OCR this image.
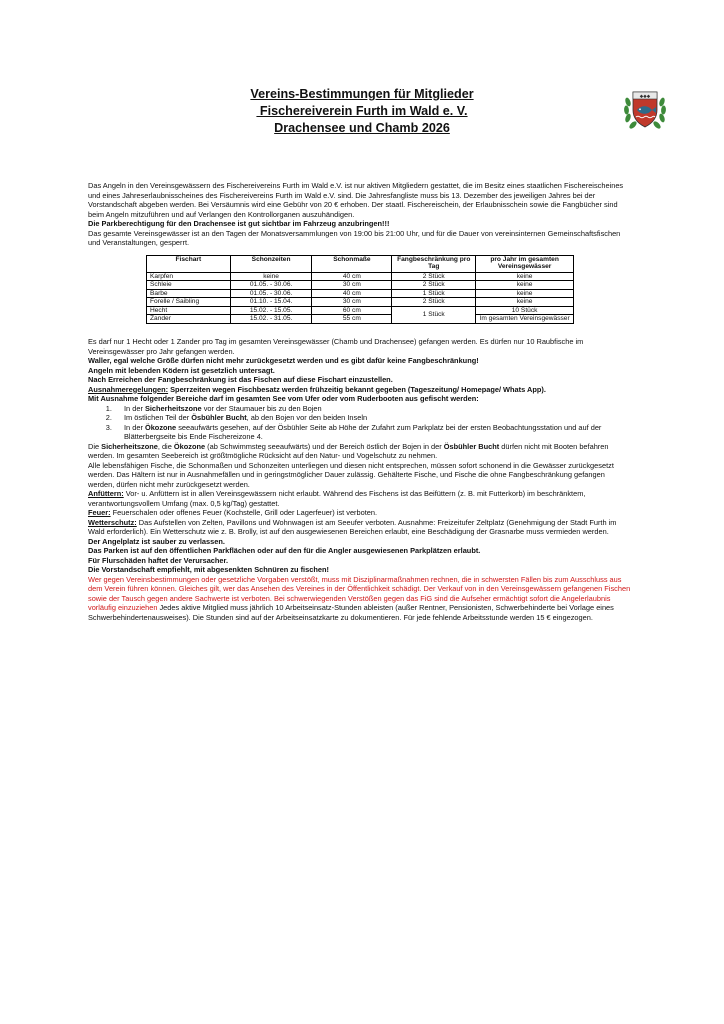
Vereins-Bestimmungen für Mitglieder
Fischereiverein Furth im Wald e. V.
Drachensee und Chamb 2026
◆◆◆

Das Angeln in den Vereinsgewässern des Fischereivereins Furth im Wald e.V. ist nur aktiven Mitgliedern gestattet, die im Besitz eines staatlichen Fischereischeines und eines Jahreserlaubnisscheines des Fischereivereins Furth im Wald e.V. sind. Die Jahresfangliste muss bis 13. Dezember des jeweiligen Jahres bei der Vorstandschaft abgeben werden. Bei Versäumnis wird eine Gebühr von 20 € erhoben. Der staatl. Fischereischein, der Erlaubnisschein sowie die Fangbücher sind beim Angeln mitzuführen und auf Verlangen den Kontrollorganen auszuhändigen.

Die Parkberechtigung für den Drachensee ist gut sichtbar im Fahrzeug anzubringen!!!

Das gesamte Vereinsgewässer ist an den Tagen der Monatsversammlungen von 19:00 bis 21:00 Uhr, und für die Dauer von vereinsinternen Gemeinschaftsfischen und Veranstaltungen, gesperrt.

Fischart	Schonzeiten	Schonmaße	Fangbeschränkung pro Tag	pro Jahr im gesamten Vereinsgewässer
Karpfen	keine	40 cm	2 Stück	keine
Schleie	01.05. - 30.06.	30 cm	2 Stück	keine
Barbe	01.05. - 30.06.	40 cm	1 Stück	keine
Forelle / Saibling	01.10. - 15.04.	30 cm	2 Stück	keine
Hecht	15.02. - 15.05.	60 cm	1 Stück	10 Stück
Zander	15.02. - 31.05.	55 cm		Im gesamten Vereinsgewässer

Es darf nur 1 Hecht oder 1 Zander pro Tag im gesamten Vereinsgewässer (Chamb und Drachensee) gefangen werden. Es dürfen nur 10 Raubfische im Vereinsgewässer pro Jahr gefangen werden.

Waller, egal welche Größe dürfen nicht mehr zurückgesetzt werden und es gibt dafür keine Fangbeschränkung!

Angeln mit lebenden Ködern ist gesetzlich untersagt.

Nach Erreichen der Fangbeschränkung ist das Fischen auf diese Fischart einzustellen.

Ausnahmeregelungen: Sperrzeiten wegen Fischbesatz werden frühzeitig bekannt gegeben (Tageszeitung/ Homepage/ Whats App).

Mit Ausnahme folgender Bereiche darf im gesamten See vom Ufer oder vom Ruderbooten aus gefischt werden:

1. In der Sicherheitszone vor der Staumauer bis zu den Bojen
2. Im östlichen Teil der Ösbühler Bucht, ab den Bojen vor den beiden Inseln
3. In der Ökozone seeaufwärts gesehen, auf der Ösbühler Seite ab Höhe der Zufahrt zum Parkplatz bei der ersten Beobachtungsstation und auf der Blätterbergseite bis Ende Fischereizone 4.

Die Sicherheitszone, die Ökozone (ab Schwimmsteg seeaufwärts) und der Bereich östlich der Bojen in der Ösbühler Bucht dürfen nicht mit Booten befahren werden. Im gesamten Seebereich ist größtmögliche Rücksicht auf den Natur- und Vogelschutz zu nehmen.

Alle lebensfähigen Fische, die Schonmaßen und Schonzeiten unterliegen und diesen nicht entsprechen, müssen sofort schonend in die Gewässer zurückgesetzt werden. Das Hältern ist nur in Ausnahmefällen und in geringstmöglicher Dauer zulässig. Gehälterte Fische, und Fische die ohne Fangbeschränkung gefangen werden, dürfen nicht mehr zurückgesetzt werden.

Anfüttern: Vor- u. Anfüttern ist in allen Vereinsgewässern nicht erlaubt. Während des Fischens ist das Beifüttern (z. B. mit Futterkorb) im beschränktem, verantwortungsvollem Umfang (max. 0,5 kg/Tag) gestattet.

Feuer: Feuerschalen oder offenes Feuer (Kochstelle, Grill oder Lagerfeuer) ist verboten.

Wetterschutz: Das Aufstellen von Zelten, Pavillons und Wohnwagen ist am Seeufer verboten. Ausnahme: Freizeitufer Zeltplatz (Genehmigung der Stadt Furth im Wald erforderlich). Ein Wetterschutz wie z. B. Brolly, ist auf den ausgewiesenen Bereichen erlaubt, eine Beschädigung der Grasnarbe muss vermieden werden.

Der Angelplatz ist sauber zu verlassen.

Das Parken ist auf den öffentlichen Parkflächen oder auf den für die Angler ausgewiesenen Parkplätzen erlaubt.

Für Flurschäden haftet der Verursacher.

Die Vorstandschaft empfiehlt, mit abgesenkten Schnüren zu fischen!

Wer gegen Vereinsbestimmungen oder gesetzliche Vorgaben verstößt, muss mit Disziplinarmaßnahmen rechnen, die in schwersten Fällen bis zum Ausschluss aus dem Verein führen können. Gleiches gilt, wer das Ansehen des Vereines in der Öffentlichkeit schädigt. Der Verkauf von in den Vereinsgewässern gefangenen Fischen sowie der Tausch gegen andere Sachwerte ist verboten. Bei schwerwiegenden Verstößen gegen das FiG sind die Aufseher ermächtigt sofort die Angelerlaubnis vorläufig einzuziehen Jedes aktive Mitglied muss jährlich 10 Arbeitseinsatz-Stunden ableisten (außer Rentner, Pensionisten, Schwerbehinderte bei Vorlage eines Schwerbehindertenausweises). Die Stunden sind auf der Arbeitseinsatzkarte zu dokumentieren. Für jede fehlende Arbeitsstunde werden 15 € eingezogen.
